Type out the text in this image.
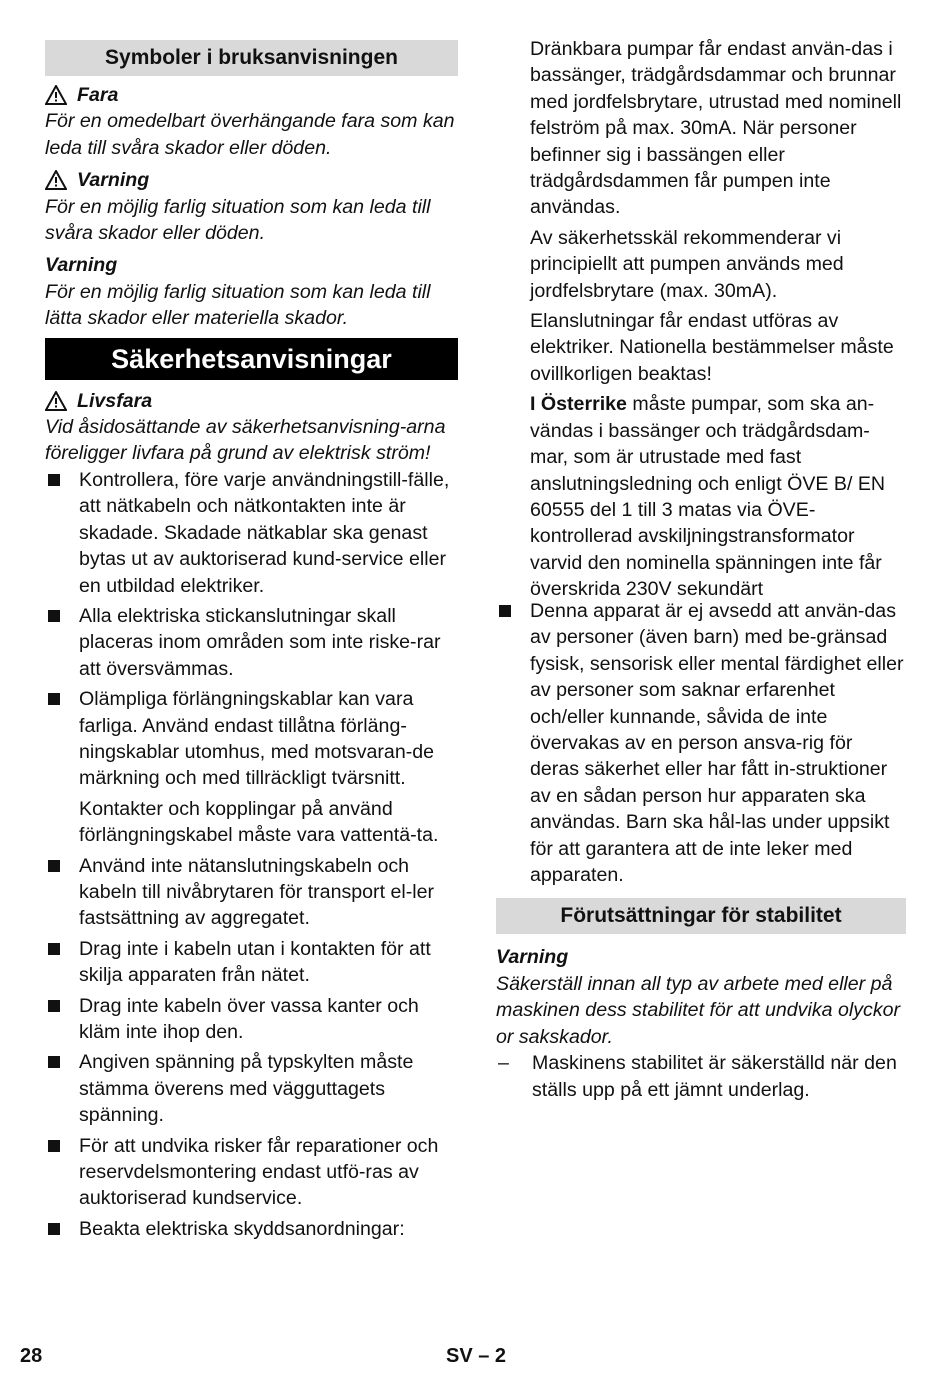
Symboler i bruksanvisningen
Fara

För en omedelbart överhängande fara som kan leda till svåra skador eller döden.

Varning

För en möjlig farlig situation som kan leda till svåra skador eller döden.

Varning

För en möjlig farlig situation som kan leda till lätta skador eller materiella skador.

Säkerhetsanvisningar
Livsfara

Vid åsidosättande av säkerhetsanvisning-arna föreligger livfara på grund av elektrisk ström!

Kontrollera, före varje användningstill-fälle, att nätkabeln och nätkontakten inte är skadade. Skadade nätkablar ska genast bytas ut av auktoriserad kund-service eller en utbildad elektriker.

Alla elektriska stickanslutningar skall placeras inom områden som inte riske-rar att översvämmas.

Olämpliga förlängningskablar kan vara farliga. Använd endast tillåtna förläng-ningskablar utomhus, med motsvaran-de märkning och med tillräckligt tvärsnitt.

Kontakter och kopplingar på använd förlängningskabel måste vara vattentä-ta.

Använd inte nätanslutningskabeln och kabeln till nivåbrytaren för transport el-ler fastsättning av aggregatet.

Drag inte i kabeln utan i kontakten för att skilja apparaten från nätet.

Drag inte kabeln över vassa kanter och kläm inte ihop den.

Angiven spänning på typskylten måste stämma överens med vägguttagets spänning.

För att undvika risker får reparationer och reservdelsmontering endast utfö-ras av auktoriserad kundservice.

Beakta elektriska skyddsanordningar:

Dränkbara pumpar får endast använ-das i bassänger, trädgårdsdammar och brunnar med jordfelsbrytare, utrustad med nominell felström på max. 30mA. När personer befinner sig i bassängen eller trädgårdsdammen får pumpen inte användas.

Av säkerhetsskäl rekommenderar vi principiellt att pumpen används med jordfelsbrytare (max. 30mA).

Elanslutningar får endast utföras av elektriker. Nationella bestämmelser måste ovillkorligen beaktas!

I Österrike måste pumpar, som ska an-vändas i bassänger och trädgårdsdam-mar, som är utrustade med fast anslutningsledning och enligt ÖVE B/ EN 60555 del 1 till 3 matas via ÖVE-kontrollerad avskiljningstransformator varvid den nominella spänningen inte får överskrida 230V sekundärt

Denna apparat är ej avsedd att använ-das av personer (även barn) med be-gränsad fysisk, sensorisk eller mental färdighet eller av personer som saknar erfarenhet och/eller kunnande, såvida de inte övervakas av en person ansva-rig för deras säkerhet eller har fått in-struktioner av en sådan person hur apparaten ska användas. Barn ska hål-las under uppsikt för att garantera att de inte leker med apparaten.

Förutsättningar för stabilitet
Varning

Säkerställ innan all typ av arbete med eller på maskinen dess stabilitet för att undvika olyckor or sakskador.

–	Maskinens stabilitet är säkerställd när den ställs upp på ett jämnt underlag.

28	SV – 2
